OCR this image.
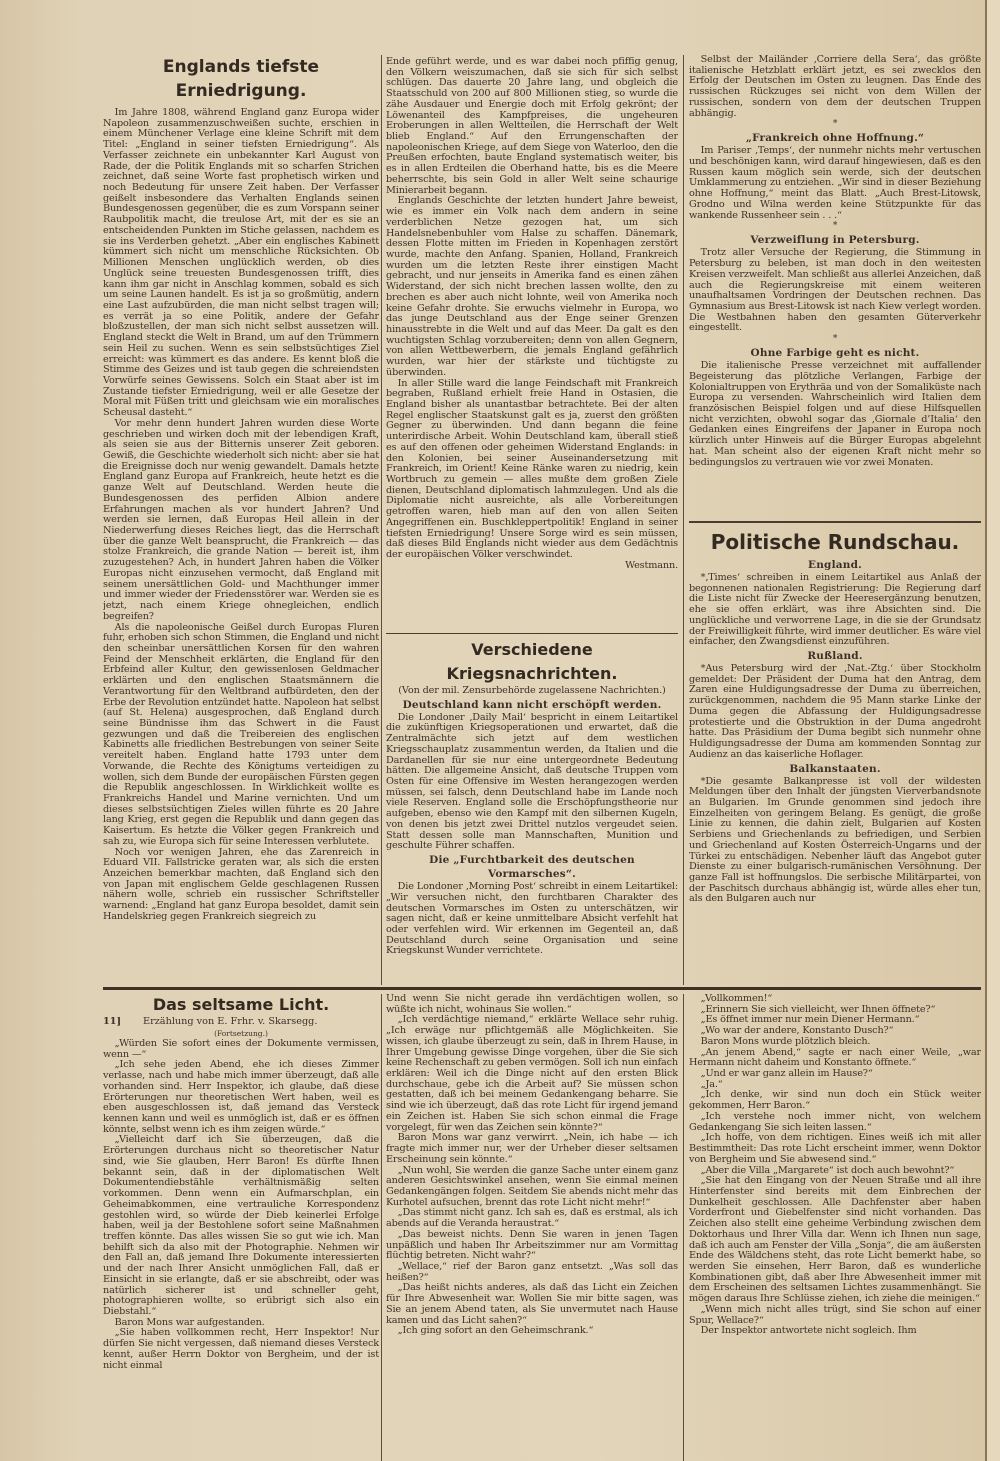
Englands tiefste Erniedrigung.

Im Jahre 1808, während England ganz Europa wider Napoleon zusammenzuschweißen suchte, erschien in einem Münchener Verlage eine kleine Schrift mit dem Titel: „England in seiner tiefsten Erniedrigung“. Als Verfasser zeichnete ein unbekannter Karl August von Rade, der die Politik Englands mit so scharfen Strichen zeichnet, daß seine Worte fast prophetisch wirken und noch Bedeutung für unsere Zeit haben. Der Verfasser geißelt insbesondere das Verhalten Englands seinen Bundesgenossen gegenüber, die es zum Vorspann seiner Raubpolitik macht, die treulose Art, mit der es sie an entscheidenden Punkten im Stiche gelassen, nachdem es sie ins Verderben gehetzt. „Aber ein englisches Kabinett kümmert sich nicht um menschliche Rücksichten. Ob Millionen Menschen unglücklich werden, ob dies Unglück seine treuesten Bundesgenossen trifft, dies kann ihm gar nicht in Anschlag kommen, sobald es sich um seine Launen handelt. Es ist ja so großmütig, andern eine Last aufzubürden, die man nicht selbst tragen will; es verrät ja so eine Politik, andere der Gefahr bloßzustellen, der man sich nicht selbst aussetzen will. England steckt die Welt in Brand, um auf den Trümmern sein Heil zu suchen. Wenn es sein selbstsüchtiges Ziel erreicht: was kümmert es das andere. Es kennt bloß die Stimme des Geizes und ist taub gegen die schreiendsten Vorwürfe seines Gewissens. Solch ein Staat aber ist im Zustande tiefster Erniedrigung, weil er alle Gesetze der Moral mit Füßen tritt und gleichsam wie ein moralisches Scheusal dasteht.“

Vor mehr denn hundert Jahren wurden diese Worte geschrieben und wirken doch mit der lebendigen Kraft, als seien sie aus der Bitternis unserer Zeit geboren. Gewiß, die Geschichte wiederholt sich nicht: aber sie hat die Ereignisse doch nur wenig gewandelt. Damals hetzte England ganz Europa auf Frankreich, heute hetzt es die ganze Welt auf Deutschland. Werden heute die Bundesgenossen des perfiden Albion andere Erfahrungen machen als vor hundert Jahren? Und werden sie lernen, daß Europas Heil allein in der Niederwerfung dieses Reiches liegt, das die Herrschaft über die ganze Welt beansprucht, die Frankreich — das stolze Frankreich, die grande Nation — bereit ist, ihm zuzugestehen? Ach, in hundert Jahren haben die Völker Europas nicht einzusehen vermocht, daß England mit seinem unersättlichen Gold- und Machthunger immer und immer wieder der Friedensstörer war. Werden sie es jetzt, nach einem Kriege ohnegleichen, endlich begreifen?

Als die napoleonische Geißel durch Europas Fluren fuhr, erhoben sich schon Stimmen, die England und nicht den scheinbar unersättlichen Korsen für den wahren Feind der Menschheit erklärten, die England für den Erbfeind aller Kultur, den gewissenlosen Geldmacher erklärten und den englischen Staatsmännern die Verantwortung für den Weltbrand aufbürdeten, den der Erbe der Revolution entzündet hatte. Napoleon hat selbst (auf St. Helena) ausgesprochen, daß England durch seine Bündnisse ihm das Schwert in die Faust gezwungen und daß die Treibereien des englischen Kabinetts alle friedlichen Bestrebungen von seiner Seite vereitelt haben. England hatte 1793 unter dem Vorwande, die Rechte des Königtums verteidigen zu wollen, sich dem Bunde der europäischen Fürsten gegen die Republik angeschlossen. In Wirklichkeit wollte es Frankreichs Handel und Marine vernichten. Und um dieses selbstsüchtigen Zieles willen führte es 20 Jahre lang Krieg, erst gegen die Republik und dann gegen das Kaisertum. Es hetzte die Völker gegen Frankreich und sah zu, wie Europa sich für seine Interessen verblutete.

Noch vor wenigen Jahren, ehe das Zarenreich in Eduard VII. Fallstricke geraten war, als sich die ersten Anzeichen bemerkbar machten, daß England sich den von Japan mit englischem Gelde geschlagenen Russen nähern wolle, schrieb ein russischer Schriftsteller warnend: „England hat ganz Europa besoldet, damit sein Handelskrieg gegen Frankreich siegreich zu

Ende geführt werde, und es war dabei noch pfiffig genug, den Völkern weiszumachen, daß sie sich für sich selbst schlügen. Das dauerte 20 Jahre lang, und obgleich die Staatsschuld von 200 auf 800 Millionen stieg, so wurde die zähe Ausdauer und Energie doch mit Erfolg gekrönt; der Löwenanteil des Kampfpreises, die ungeheuren Eroberungen in allen Weltteilen, die Herrschaft der Welt blieb England.“ Auf den Errungenschaften der napoleonischen Kriege, auf dem Siege von Waterloo, den die Preußen erfochten, baute England systematisch weiter, bis es in allen Erdteilen die Oberhand hatte, bis es die Meere beherrschte, bis sein Gold in aller Welt seine schaurige Minierarbeit begann.

Englands Geschichte der letzten hundert Jahre beweist, wie es immer ein Volk nach dem andern in seine verderblichen Netze gezogen hat, um sich Handelsnebenbuhler vom Halse zu schaffen. Dänemark, dessen Flotte mitten im Frieden in Kopenhagen zerstört wurde, machte den Anfang. Spanien, Holland, Frankreich wurden um die letzten Reste ihrer einstigen Macht gebracht, und nur jenseits in Amerika fand es einen zähen Widerstand, der sich nicht brechen lassen wollte, den zu brechen es aber auch nicht lohnte, weil von Amerika noch keine Gefahr drohte. Sie erwuchs vielmehr in Europa, wo das junge Deutschland aus der Enge seiner Grenzen hinausstrebte in die Welt und auf das Meer. Da galt es den wuchtigsten Schlag vorzubereiten; denn von allen Gegnern, von allen Wettbewerbern, die jemals England gefährlich wurden, war hier der stärkste und tüchtigste zu überwinden.

In aller Stille ward die lange Feindschaft mit Frankreich begraben, Rußland erhielt freie Hand in Ostasien, die England bisher als unantastbar betrachtete. Bei der alten Regel englischer Staatskunst galt es ja, zuerst den größten Gegner zu überwinden. Und dann begann die feine unterirdische Arbeit. Wohin Deutschland kam, überall stieß es auf den offenen oder geheimen Widerstand Englands: in den Kolonien, bei seiner Auseinandersetzung mit Frankreich, im Orient! Keine Ränke waren zu niedrig, kein Wortbruch zu gemein — alles mußte dem großen Ziele dienen, Deutschland diplomatisch lahmzulegen. Und als die Diplomatie nicht ausreichte, als alle Vorbereitungen getroffen waren, hieb man auf den von allen Seiten Angegriffenen ein. Buschkleppertpolitik! England in seiner tiefsten Erniedrigung! Unsere Sorge wird es sein müssen, daß dieses Bild Englands nicht wieder aus dem Gedächtnis der europäischen Völker verschwindet.

Westmann.

Verschiedene Kriegsnachrichten.

(Von der mil. Zensurbehörde zugelassene Nachrichten.)

Deutschland kann nicht erschöpft werden.

Die Londoner ‚Daily Mail‘ bespricht in einem Leitartikel die zukünftigen Kriegsoperationen und erwartet, daß die Zentralmächte sich jetzt auf dem westlichen Kriegsschauplatz zusammentun werden, da Italien und die Dardanellen für sie nur eine untergeordnete Bedeutung hätten. Die allgemeine Ansicht, daß deutsche Truppen vom Osten für eine Offensive im Westen herangezogen werden müssen, sei falsch, denn Deutschland habe im Lande noch viele Reserven. England solle die Erschöpfungstheorie nur aufgeben, ebenso wie den Kampf mit den silbernen Kugeln, von denen bis jetzt zwei Drittel nutzlos vergeudet seien. Statt dessen solle man Mannschaften, Munition und geschulte Führer schaffen.

Die „Furchtbarkeit des deutschen Vormarsches“.

Die Londoner ‚Morning Post‘ schreibt in einem Leitartikel: „Wir versuchen nicht, den furchtbaren Charakter des deutschen Vormarsches im Osten zu unterschätzen, wir sagen nicht, daß er keine unmittelbare Absicht verfehlt hat oder verfehlen wird. Wir erkennen im Gegenteil an, daß Deutschland durch seine Organisation und seine Kriegskunst Wunder verrichtete.

Selbst der Mailänder ‚Corriere della Sera‘, das größte italienische Hetzblatt erklärt jetzt, es sei zwecklos den Erfolg der Deutschen im Osten zu leugnen. Das Ende des russischen Rückzuges sei nicht von dem Willen der russischen, sondern von dem der deutschen Truppen abhängig.

*

„Frankreich ohne Hoffnung.“

Im Pariser ‚Temps‘, der nunmehr nichts mehr vertuschen und beschönigen kann, wird darauf hingewiesen, daß es den Russen kaum möglich sein werde, sich der deutschen Umklammerung zu entziehen. „Wir sind in dieser Beziehung ohne Hoffnung,“ meint das Blatt. „Auch Brest-Litowsk, Grodno und Wilna werden keine Stützpunkte für das wankende Russenheer sein . . .“

*

Verzweiflung in Petersburg.

Trotz aller Versuche der Regierung, die Stimmung in Petersburg zu beleben, ist man doch in den weitesten Kreisen verzweifelt. Man schließt aus allerlei Anzeichen, daß auch die Regierungskreise mit einem weiteren unaufhaltsamen Vordringen der Deutschen rechnen. Das Gymnasium aus Brest-Litowsk ist nach Kiew verlegt worden. Die Westbahnen haben den gesamten Güterverkehr eingestellt.

*

Ohne Farbige geht es nicht.

Die italienische Presse verzeichnet mit auffallender Begeisterung das plötzliche Verlangen, Farbige der Kolonialtruppen von Erythräa und von der Somaliküste nach Europa zu versenden. Wahrscheinlich wird Italien dem französischen Beispiel folgen und auf diese Hilfsquellen nicht verzichten, obwohl sogar das ‚Giornale d’Italia‘ den Gedanken eines Eingreifens der Japaner in Europa noch kürzlich unter Hinweis auf die Bürger Europas abgelehnt hat. Man scheint also der eigenen Kraft nicht mehr so bedingungslos zu vertrauen wie vor zwei Monaten.

Politische Rundschau.
England.

*‚Times‘ schreiben in einem Leitartikel aus Anlaß der begonnenen nationalen Registrierung: Die Regierung darf die Liste nicht für Zwecke der Heeresergänzung benutzen, ehe sie offen erklärt, was ihre Absichten sind. Die unglückliche und verworrene Lage, in die sie der Grundsatz der Freiwilligkeit führte, wird immer deutlicher. Es wäre viel einfacher, den Zwangsdienst einzuführen.

Rußland.

*Aus Petersburg wird der ‚Nat.-Ztg.‘ über Stockholm gemeldet: Der Präsident der Duma hat den Antrag, dem Zaren eine Huldigungsadresse der Duma zu überreichen, zurückgenommen, nachdem die 95 Mann starke Linke der Duma gegen die Abfassung der Huldigungsadresse protestierte und die Obstruktion in der Duma angedroht hatte. Das Präsidium der Duma begibt sich nunmehr ohne Huldigungsadresse der Duma am kommenden Sonntag zur Audienz an das kaiserliche Hoflager.

Balkanstaaten.

*Die gesamte Balkanpresse ist voll der wildesten Meldungen über den Inhalt der jüngsten Vierverbandsnote an Bulgarien. Im Grunde genommen sind jedoch ihre Einzelheiten von geringem Belang. Es genügt, die große Linie zu kennen, die dahin zielt, Bulgarien auf Kosten Serbiens und Griechenlands zu befriedigen, und Serbien und Griechenland auf Kosten Österreich-Ungarns und der Türkei zu entschädigen. Nebenher läuft das Angebot guter Dienste zu einer bulgarisch-rumänischen Versöhnung. Der ganze Fall ist hoffnungslos. Die serbische Militärpartei, von der Paschitsch durchaus abhängig ist, würde alles eher tun, als den Bulgaren auch nur

Das seltsame Licht.
11]	Erzählung von E. Frhr. v. Skarsegg.
(Fortsetzung.)

„Würden Sie sofort eines der Dokumente vermissen, wenn —“

„Ich sehe jeden Abend, ehe ich dieses Zimmer verlasse, nach und habe mich immer überzeugt, daß alle vorhanden sind. Herr Inspektor, ich glaube, daß diese Erörterungen nur theoretischen Wert haben, weil es eben ausgeschlossen ist, daß jemand das Versteck kennen kann und weil es unmöglich ist, daß er es öffnen könnte, selbst wenn ich es ihm zeigen würde.“

„Vielleicht darf ich Sie überzeugen, daß die Erörterungen durchaus nicht so theoretischer Natur sind, wie Sie glauben, Herr Baron! Es dürfte Ihnen bekannt sein, daß in der diplomatischen Welt Dokumentendiebstähle verhältnismäßig selten vorkommen. Denn wenn ein Aufmarschplan, ein Geheimabkommen, eine vertrauliche Korrespondenz gestohlen wird, so würde der Dieb keinerlei Erfolge haben, weil ja der Bestohlene sofort seine Maßnahmen treffen könnte. Das alles wissen Sie so gut wie ich. Man behilft sich da also mit der Photographie. Nehmen wir den Fall an, daß jemand Ihre Dokumente interessierten und der nach Ihrer Ansicht unmöglichen Fall, daß er Einsicht in sie erlangte, daß er sie abschreibt, oder was natürlich sicherer ist und schneller geht, photographieren wollte, so erübrigt sich also ein Diebstahl.“

Baron Mons war aufgestanden.

„Sie haben vollkommen recht, Herr Inspektor! Nur dürfen Sie nicht vergessen, daß niemand dieses Versteck kennt, außer Herrn Doktor von Bergheim, und der ist nicht einmal

Und wenn Sie nicht gerade ihn verdächtigen wollen, so wüßte ich nicht, wohinaus Sie wollen.“

„Ich verdächtige niemand,“ erklärte Wellace sehr ruhig. „Ich erwäge nur pflichtgemäß alle Möglichkeiten. Sie wissen, ich glaube überzeugt zu sein, daß in Ihrem Hause, in Ihrer Umgebung gewisse Dinge vorgehen, über die Sie sich keine Rechenschaft zu geben vermögen. Soll ich nun einfach erklären: Weil ich die Dinge nicht auf den ersten Blick durchschaue, gebe ich die Arbeit auf? Sie müssen schon gestatten, daß ich bei meinem Gedankengang beharre. Sie sind wie ich überzeugt, daß das rote Licht für irgend jemand ein Zeichen ist. Haben Sie sich schon einmal die Frage vorgelegt, für wen das Zeichen sein könnte?“

Baron Mons war ganz verwirrt. „Nein, ich habe — ich fragte mich immer nur, wer der Urheber dieser seltsamen Erscheinung sein könnte.“

„Nun wohl, Sie werden die ganze Sache unter einem ganz anderen Gesichtswinkel ansehen, wenn Sie einmal meinen Gedankengängen folgen. Seitdem Sie abends nicht mehr das Kurhotel aufsuchen, brennt das rote Licht nicht mehr!“

„Das stimmt nicht ganz. Ich sah es, daß es erstmal, als ich abends auf die Veranda heraustrat.“

„Das beweist nichts. Denn Sie waren in jenen Tagen unpäßlich und haben Ihr Arbeitszimmer nur am Vormittag flüchtig betreten. Nicht wahr?“

„Wellace,“ rief der Baron ganz entsetzt. „Was soll das heißen?“

„Das heißt nichts anderes, als daß das Licht ein Zeichen für Ihre Abwesenheit war. Wollen Sie mir bitte sagen, was Sie an jenem Abend taten, als Sie unvermutet nach Hause kamen und das Licht sahen?“

„Ich ging sofort an den Geheimschrank.“

„Vollkommen!“

„Erinnern Sie sich vielleicht, wer Ihnen öffnete?“

„Es öffnet immer nur mein Diener Hermann.“

„Wo war der andere, Konstanto Dusch?“

Baron Mons wurde plötzlich bleich.

„An jenem Abend,“ sagte er nach einer Weile, „war Hermann nicht daheim und Konstanto öffnete.“

„Und er war ganz allein im Hause?“

„Ja.“

„Ich denke, wir sind nun doch ein Stück weiter gekommen, Herr Baron.“

„Ich verstehe noch immer nicht, von welchem Gedankengang Sie sich leiten lassen.“

„Ich hoffe, von dem richtigen. Eines weiß ich mit aller Bestimmtheit: Das rote Licht erscheint immer, wenn Doktor von Bergheim und Sie abwesend sind.“

„Aber die Villa „Margarete“ ist doch auch bewohnt?“

„Sie hat den Eingang von der Neuen Straße und all ihre Hinterfenster sind bereits mit dem Einbrechen der Dunkelheit geschlossen. Alle Dachfenster aber haben Vorderfront und Giebelfenster sind nicht vorhanden. Das Zeichen also stellt eine geheime Verbindung zwischen dem Doktorhaus und Ihrer Villa dar. Wenn ich Ihnen nun sage, daß ich auch am Fenster der Villa „Sonja“, die am äußersten Ende des Wäldchens steht, das rote Licht bemerkt habe, so werden Sie einsehen, Herr Baron, daß es wunderliche Kombinationen gibt, daß aber Ihre Abwesenheit immer mit dem Erscheinen des seltsamen Lichtes zusammenhängt. Sie mögen daraus Ihre Schlüsse ziehen, ich ziehe die meinigen.“

„Wenn mich nicht alles trügt, sind Sie schon auf einer Spur, Wellace?“

Der Inspektor antwortete nicht sogleich. Ihm
